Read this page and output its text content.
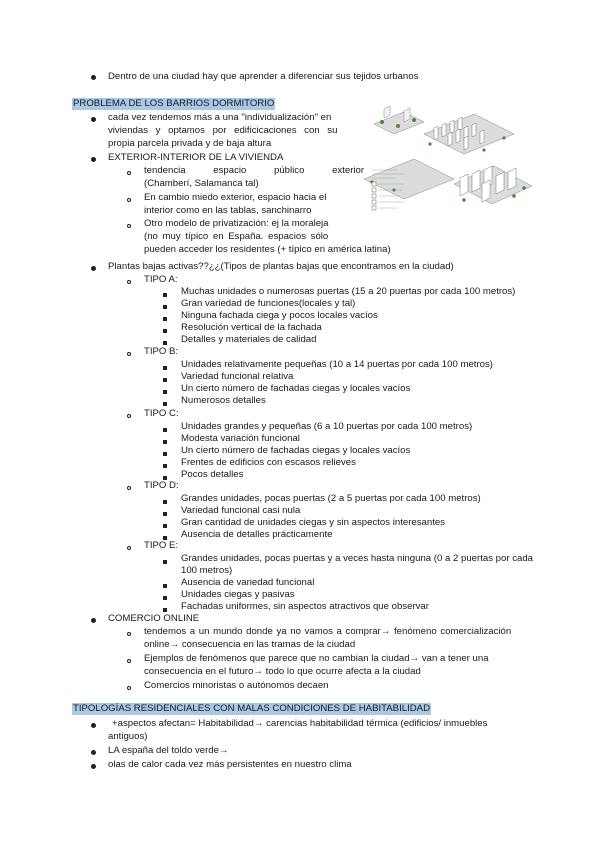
Dentro de una ciudad hay que aprender a diferenciar sus tejidos urbanos
PROBLEMA DE LOS BARRIOS DORMITORIO
cada vez tendemos más a una "individualización" en
viviendas y optamos por edificicaciones con su
propia parcela privada y de baja altura
EXTERIOR-INTERIOR DE LA VIVIENDA
tendencia espacio público exterior
(Chamberí, Salamanca tal)
En cambio miedo exterior, espacio hacia el
interior como en las tablas, sanchinarro
Otro modelo de privatización: ej la moraleja
(no muy típico en España. espacios sólo
pueden acceder los residentes (+ típico en américa latina)
Plantas bajas activas??¿¿(Tipos de plantas bajas que encontramos en la ciudad)
TIPO A:
Muchas unidades o numerosas puertas (15 a 20 puertas por cada 100 metros)
Gran variedad de funciones(locales y tal)
Ninguna fachada ciega y pocos locales vacíos
Resolución vertical de la fachada
Detalles y materiales de calidad
TIPO B:
Unidades relativamente pequeñas (10 a 14 puertas por cada 100 metros)
Variedad funcional relativa
Un cierto número de fachadas ciegas y locales vacíos
Numerosos detalles
TIPO C:
Unidades grandes y pequeñas (6 a 10 puertas por cada 100 metros)
Modesta variación funcional
Un cierto número de fachadas ciegas y locales vacíos
Frentes de edificios con escasos relieves
Pocos detalles
TIPO D:
Grandes unidades, pocas puertas (2 a 5 puertas por cada 100 metros)
Variedad funcional casi nula
Gran cantidad de unidades ciegas y sin aspectos interesantes
Ausencia de detalles prácticamente
TIPO E:
Grandes unidades, pocas puertas y a veces hasta ninguna (0 a 2 puertas por cada
100 metros)
Ausencia de variedad funcional
Unidades ciegas y pasivas
Fachadas uniformes, sin aspectos atractivos que observar
COMERCIO ONLINE
tendemos a un mundo donde ya no vamos a comprar→ fenómeno comercialización
online→ consecuencia en las tramas de la ciudad
Ejemplos de fenómenos que parece que no cambian la ciudad→ van a tener una
consecuencia en el futuro→ todo lo que ocurre afecta a la ciudad
Comercios minoristas o autónomos decaen
TIPOLOGÍAS RESIDENCIALES CON MALAS CONDICIONES DE HABITABILIDAD
+aspectos afectan= Habitabilidad→ carencias habitabilidad térmica (edificios/ inmuebles
antiguos)
LA españa del toldo verde→
olas de calor cada vez más persistentes en nuestro clima
